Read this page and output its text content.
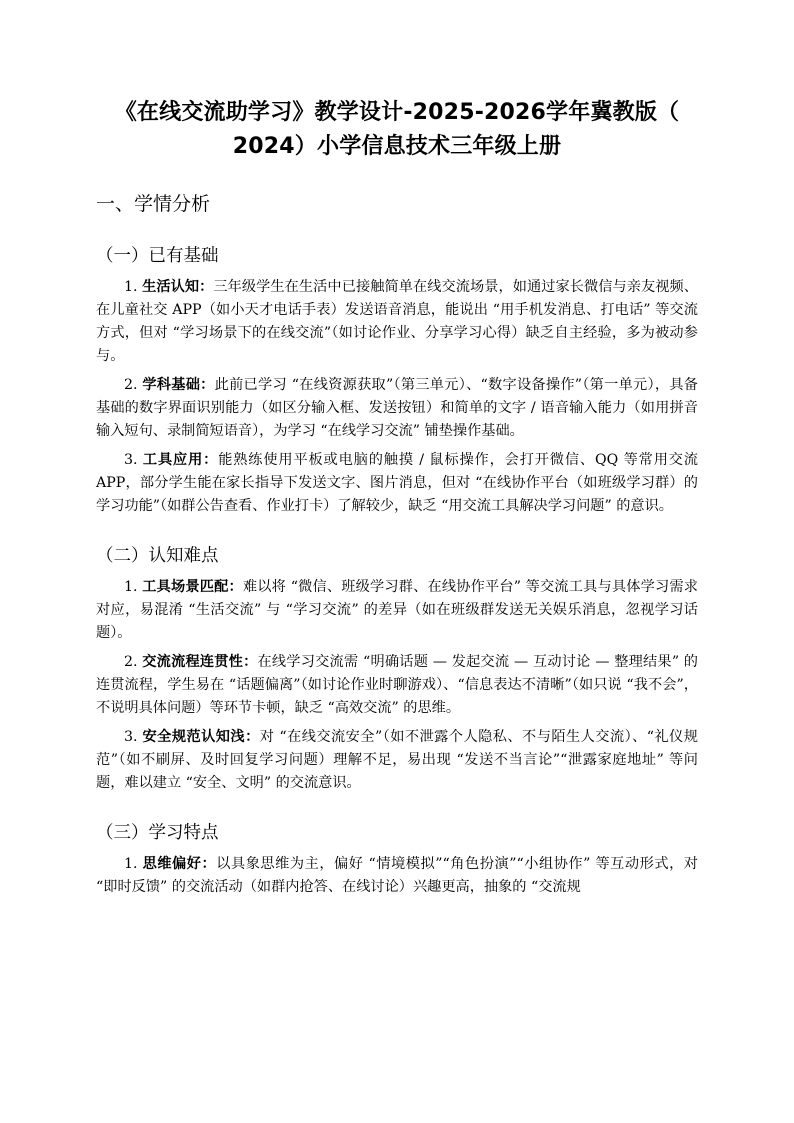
《在线交流助学习》教学设计-2025-2026学年冀教版（
2024）小学信息技术三年级上册
一、学情分析
（一）已有基础

1. 生活认知：三年级学生在生活中已接触简单在线交流场景，如通过家长微信与亲友视频、在儿童社交 APP（如小天才电话手表）发送语音消息，能说出 “用手机发消息、打电话” 等交流方式，但对 “学习场景下的在线交流”（如讨论作业、分享学习心得）缺乏自主经验，多为被动参与。

2. 学科基础：此前已学习 “在线资源获取”（第三单元）、“数字设备操作”（第一单元），具备基础的数字界面识别能力（如区分输入框、发送按钮）和简单的文字 / 语音输入能力（如用拼音输入短句、录制简短语音），为学习 “在线学习交流” 铺垫操作基础。

3. 工具应用：能熟练使用平板或电脑的触摸 / 鼠标操作，会打开微信、QQ 等常用交流 APP，部分学生能在家长指导下发送文字、图片消息，但对 “在线协作平台（如班级学习群）的学习功能”（如群公告查看、作业打卡）了解较少，缺乏 “用交流工具解决学习问题” 的意识。

（二）认知难点

1. 工具场景匹配：难以将 “微信、班级学习群、在线协作平台” 等交流工具与具体学习需求对应，易混淆 “生活交流” 与 “学习交流” 的差异（如在班级群发送无关娱乐消息，忽视学习话题）。

2. 交流流程连贯性：在线学习交流需 “明确话题 — 发起交流 — 互动讨论 — 整理结果” 的连贯流程，学生易在 “话题偏离”（如讨论作业时聊游戏）、“信息表达不清晰”（如只说 “我不会”，不说明具体问题）等环节卡顿，缺乏 “高效交流” 的思维。

3. 安全规范认知浅：对 “在线交流安全”（如不泄露个人隐私、不与陌生人交流）、“礼仪规范”（如不刷屏、及时回复学习问题）理解不足，易出现 “发送不当言论”“泄露家庭地址” 等问题，难以建立 “安全、文明” 的交流意识。

（三）学习特点

1. 思维偏好：以具象思维为主，偏好 “情境模拟”“角色扮演”“小组协作” 等互动形式，对 “即时反馈” 的交流活动（如群内抢答、在线讨论）兴趣更高，抽象的 “交流规
